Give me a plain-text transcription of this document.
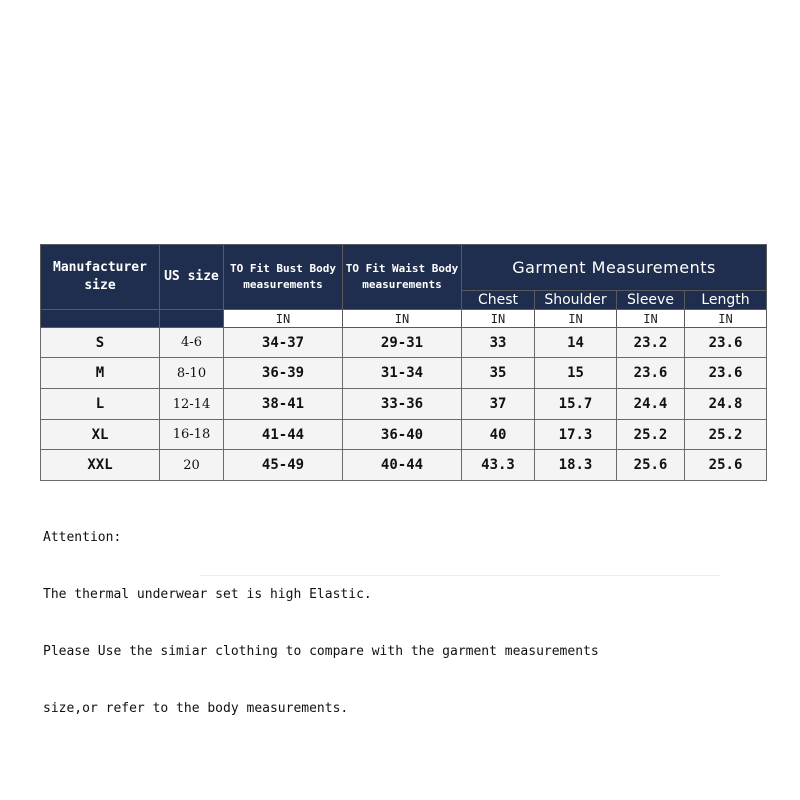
Manufacturer size	US size	TO Fit Bust Body measurements	TO Fit Waist Body measurements	Garment Measurements			
				Chest	Shoulder	Sleeve	Length
		IN	IN	IN	IN	IN	IN
S	4-6	34-37	29-31	33	14	23.2	23.6
M	8-10	36-39	31-34	35	15	23.6	23.6
L	12-14	38-41	33-36	37	15.7	24.4	24.8
XL	16-18	41-44	36-40	40	17.3	25.2	25.2
XXL	20	45-49	40-44	43.3	18.3	25.6	25.6

Attention:

The thermal underwear set is high Elastic.

Please Use the simiar clothing to compare with the garment measurements

size,or refer to the body measurements.
